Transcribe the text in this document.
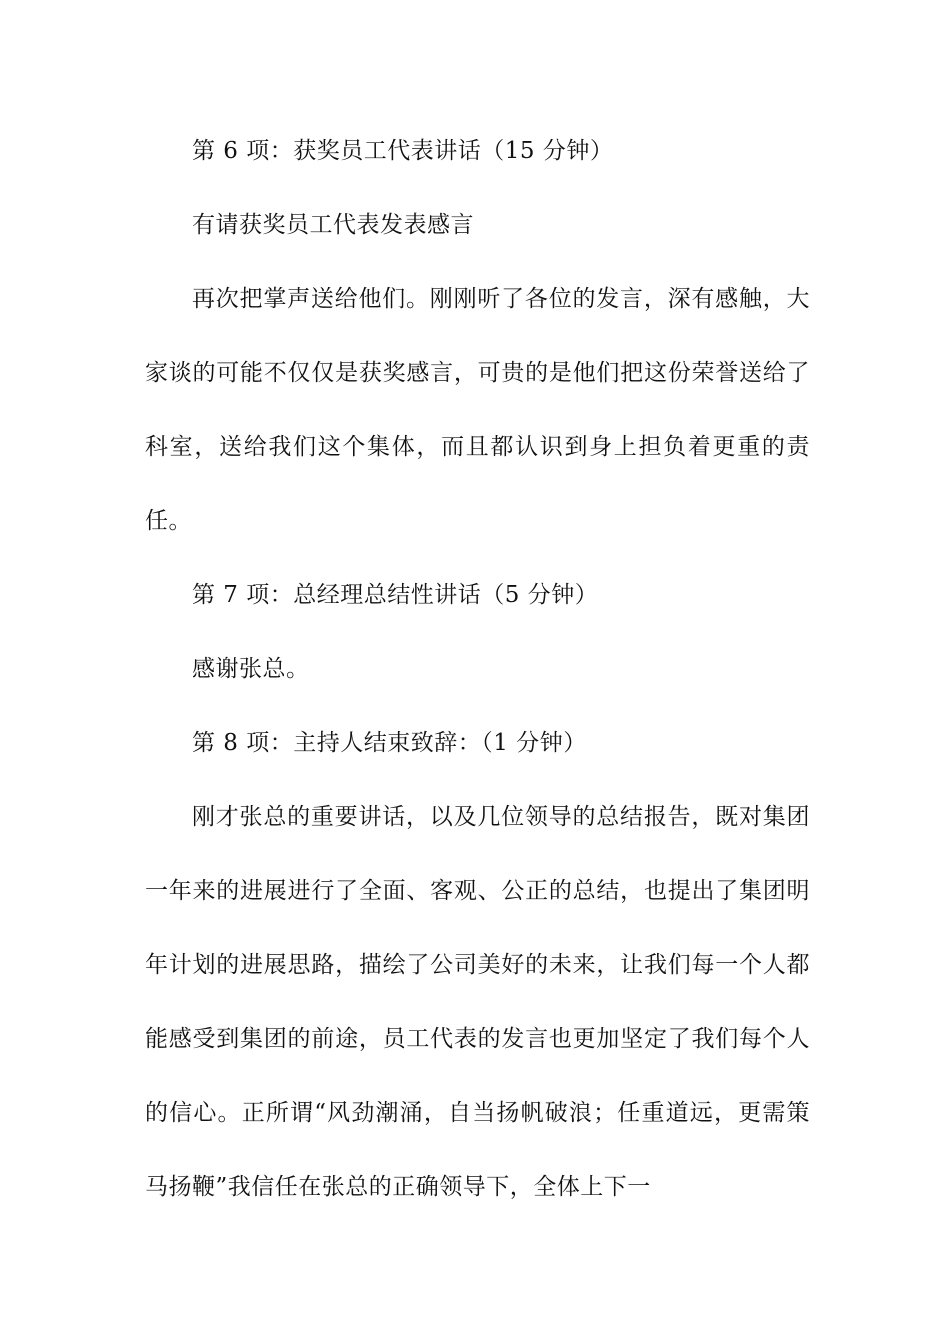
第 6 项：获奖员工代表讲话（15 分钟）

有请获奖员工代表发表感言

再次把掌声送给他们。刚刚听了各位的发言，深有感触，大家谈的可能不仅仅是获奖感言，可贵的是他们把这份荣誉送给了科室，送给我们这个集体，而且都认识到身上担负着更重的责任。

第 7 项：总经理总结性讲话（5 分钟）

感谢张总。

第 8 项：主持人结束致辞：（1 分钟）

刚才张总的重要讲话，以及几位领导的总结报告，既对集团一年来的进展进行了全面、客观、公正的总结，也提出了集团明年计划的进展思路，描绘了公司美好的未来，让我们每一个人都能感受到集团的前途，员工代表的发言也更加坚定了我们每个人的信心。正所谓“风劲潮涌，自当扬帆破浪；任重道远，更需策马扬鞭”我信任在张总的正确领导下，全体上下一
